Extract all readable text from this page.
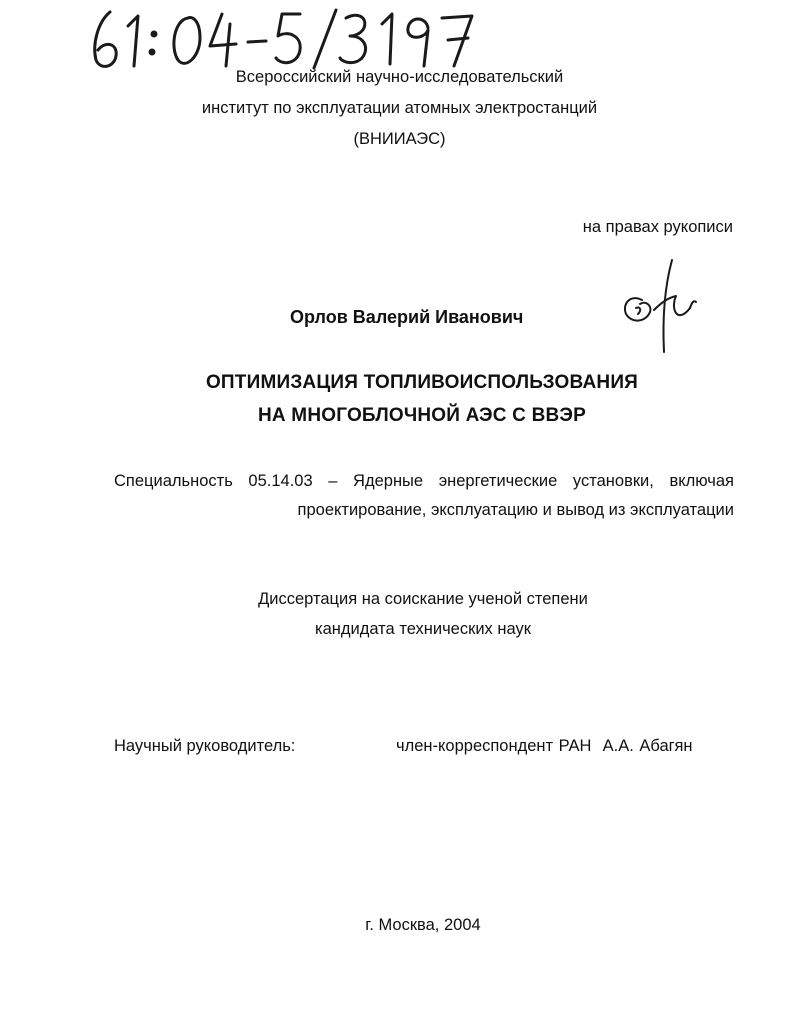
Всероссийский научно-исследовательский
институт по эксплуатации атомных электростанций
(ВНИИАЭС)
на правах рукописи
Орлов Валерий Иванович
ОПТИМИЗАЦИЯ ТОПЛИВОИСПОЛЬЗОВАНИЯ
НА МНОГОБЛОЧНОЙ АЭС С ВВЭР
Специальность 05.14.03 – Ядерные энергетические установки, включая
проектирование, эксплуатацию и вывод из эксплуатации
Диссертация на соискание ученой степени
кандидата технических наук
Научный руководитель:	член-корреспондент РАН  А.А. Абагян
г. Москва, 2004
